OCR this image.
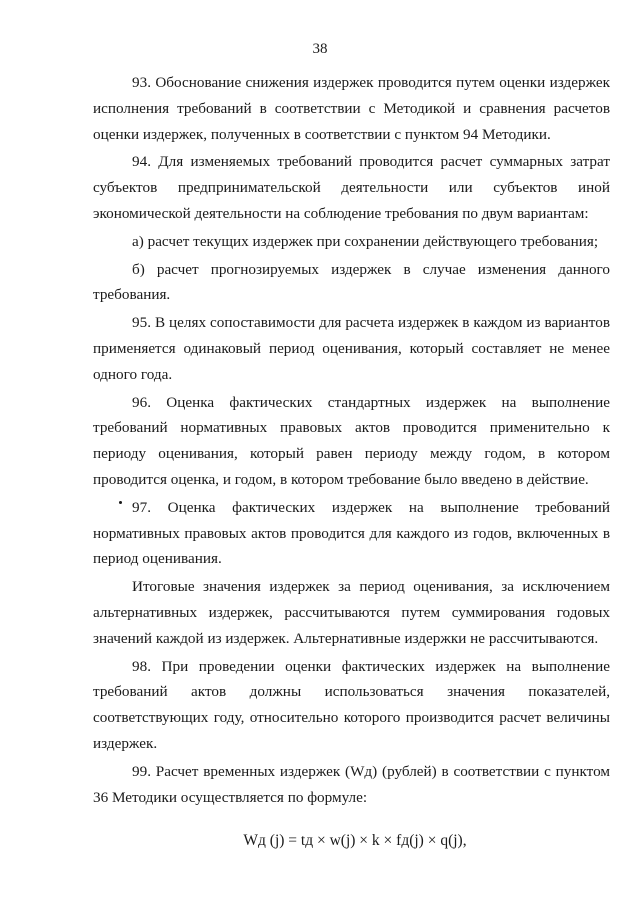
38

93. Обоснование снижения издержек проводится путем оценки издержек исполнения требований в соответствии с Методикой и сравнения расчетов оценки издержек, полученных в соответствии с пунктом 94 Методики.

94. Для изменяемых требований проводится расчет суммарных затрат субъектов предпринимательской деятельности или субъектов иной экономической деятельности на соблюдение требования по двум вариантам:

а) расчет текущих издержек при сохранении действующего требования;

б) расчет прогнозируемых издержек в случае изменения данного требования.

95. В целях сопоставимости для расчета издержек в каждом из вариантов применяется одинаковый период оценивания, который составляет не менее одного года.

96. Оценка фактических стандартных издержек на выполнение требований нормативных правовых актов проводится применительно к периоду оценивания, который равен периоду между годом, в котором проводится оценка, и годом, в котором требование было введено в действие.

97. Оценка фактических издержек на выполнение требований нормативных правовых актов проводится для каждого из годов, включенных в период оценивания.

Итоговые значения издержек за период оценивания, за исключением альтернативных издержек, рассчитываются путем суммирования годовых значений каждой из издержек. Альтернативные издержки не рассчитываются.

98. При проведении оценки фактических издержек на выполнение требований актов должны использоваться значения показателей, соответствующих году, относительно которого производится расчет величины издержек.

99. Расчет временных издержек (Wд) (рублей) в соответствии с пунктом 36 Методики осуществляется по формуле:

Wд (j) = tд × w(j) × k × fд(j) × q(j),
